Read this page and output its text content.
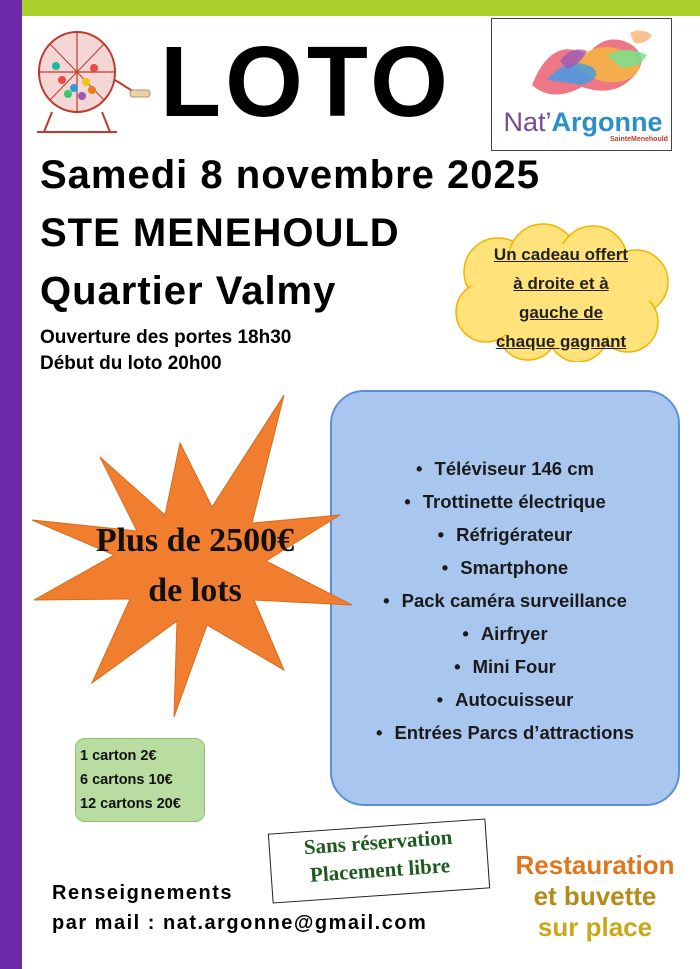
LOTO
Samedi 8 novembre 2025
STE MENEHOULD
Quartier Valmy
Ouverture des portes 18h30
Début du loto 20h00
Nat’Argonne
SainteMenehould
Un cadeau offert
à droite et à
gauche de
chaque gagnant
• Téléviseur 146 cm
• Trottinette électrique
• Réfrigérateur
• Smartphone
• Pack caméra surveillance
• Airfryer
• Mini Four
• Autocuisseur
• Entrées Parcs d’attractions
Plus de 2500€
de lots
1 carton 2€
6 cartons 10€
12 cartons 20€
Sans réservation
Placement libre
Renseignements
par mail : nat.argonne@gmail.com
Restauration
et buvette
sur place
